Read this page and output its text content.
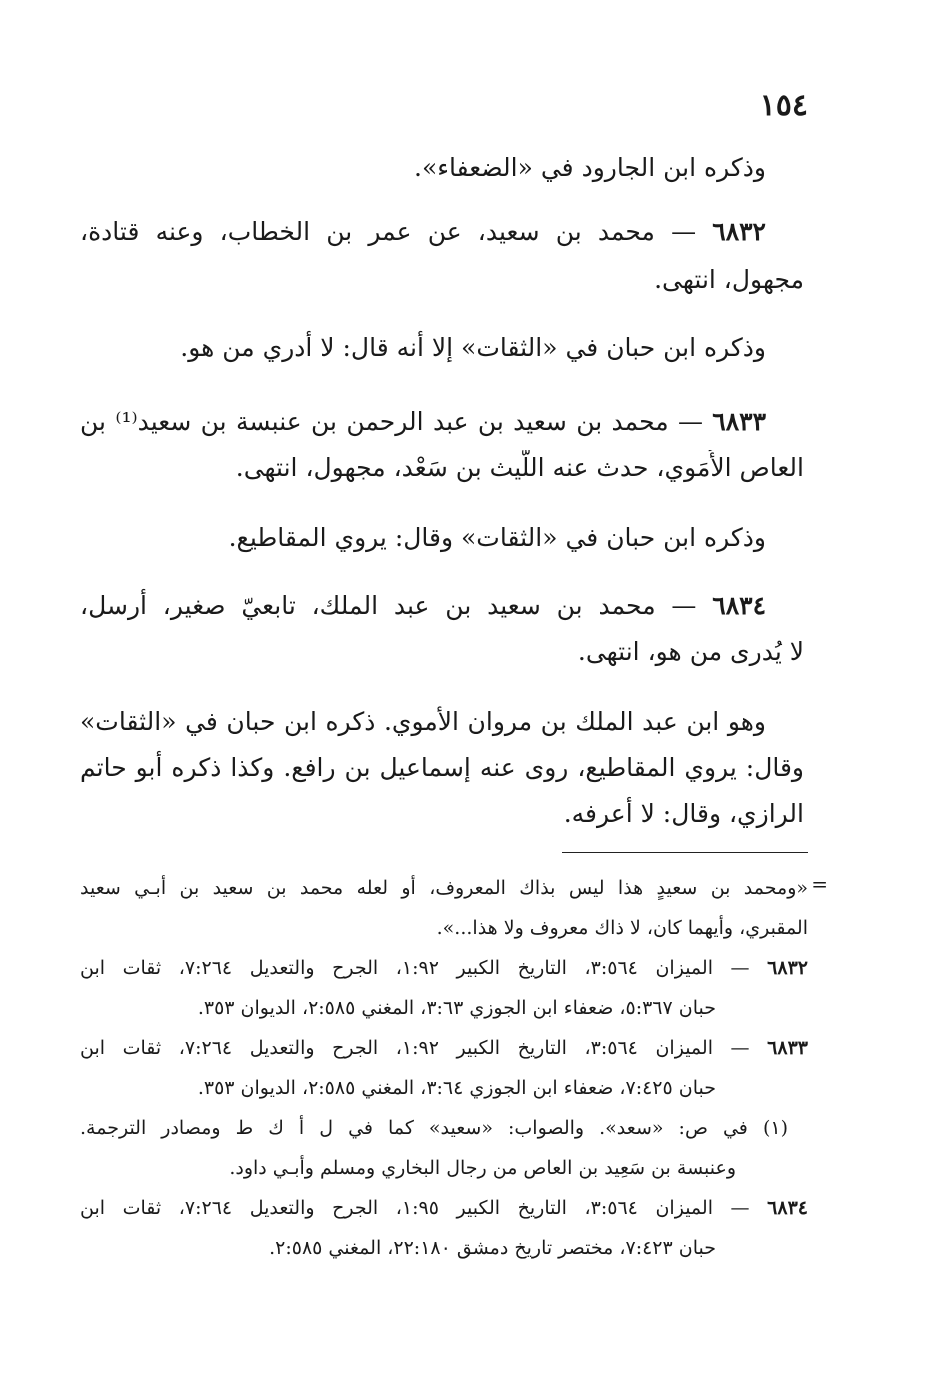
١٥٤
وذكره ابن الجارود في «الضعفاء».
٦٨٣٢ — محمد بن سعيد، عن عمر بن الخطاب، وعنه قتادة،
مجهول، انتهى.
وذكره ابن حبان في «الثقات» إلا أنه قال: لا أدري من هو.
٦٨٣٣ — محمد بن سعيد بن عبد الرحمن بن عنبسة بن سعيد⁽¹⁾ بن
العاص الأُمَوي، حدث عنه اللَّيث بن سَعْد، مجهول، انتهى.
وذكره ابن حبان في «الثقات» وقال: يروي المقاطيع.
٦٨٣٤ — محمد بن سعيد بن عبد الملك، تابعيّ صغير، أرسل،
لا يُدرى من هو، انتهى.
وهو ابن عبد الملك بن مروان الأموي. ذكره ابن حبان في «الثقات»
وقال: يروي المقاطيع، روى عنه إسماعيل بن رافع. وكذا ذكره أبو حاتم
الرازي، وقال: لا أعرفه.
=
«ومحمد بن سعيدٍ هذا ليس بذاك المعروف، أو لعله محمد بن سعيد بن أبـي سعيد
المقبري، وأيهما كان، لا ذاك معروف ولا هذا...».
٦٨٣٢ — الميزان ٣:٥٦٤، التاريخ الكبير ١:٩٢، الجرح والتعديل ٧:٢٦٤، ثقات ابن
حبان ٥:٣٦٧، ضعفاء ابن الجوزي ٣:٦٣، المغني ٢:٥٨٥، الديوان ٣٥٣.
٦٨٣٣ — الميزان ٣:٥٦٤، التاريخ الكبير ١:٩٢، الجرح والتعديل ٧:٢٦٤، ثقات ابن
حبان ٧:٤٢٥، ضعفاء ابن الجوزي ٣:٦٤، المغني ٢:٥٨٥، الديوان ٣٥٣.
(١) في ص: «سعد». والصواب: «سعيد» كما في ل أ ك ط ومصادر الترجمة.
وعنبسة بن سَعِيد بن العاص من رجال البخاري ومسلم وأبـي داود.
٦٨٣٤ — الميزان ٣:٥٦٤، التاريخ الكبير ١:٩٥، الجرح والتعديل ٧:٢٦٤، ثقات ابن
حبان ٧:٤٢٣، مختصر تاريخ دمشق ٢٢:١٨٠، المغني ٢:٥٨٥.
